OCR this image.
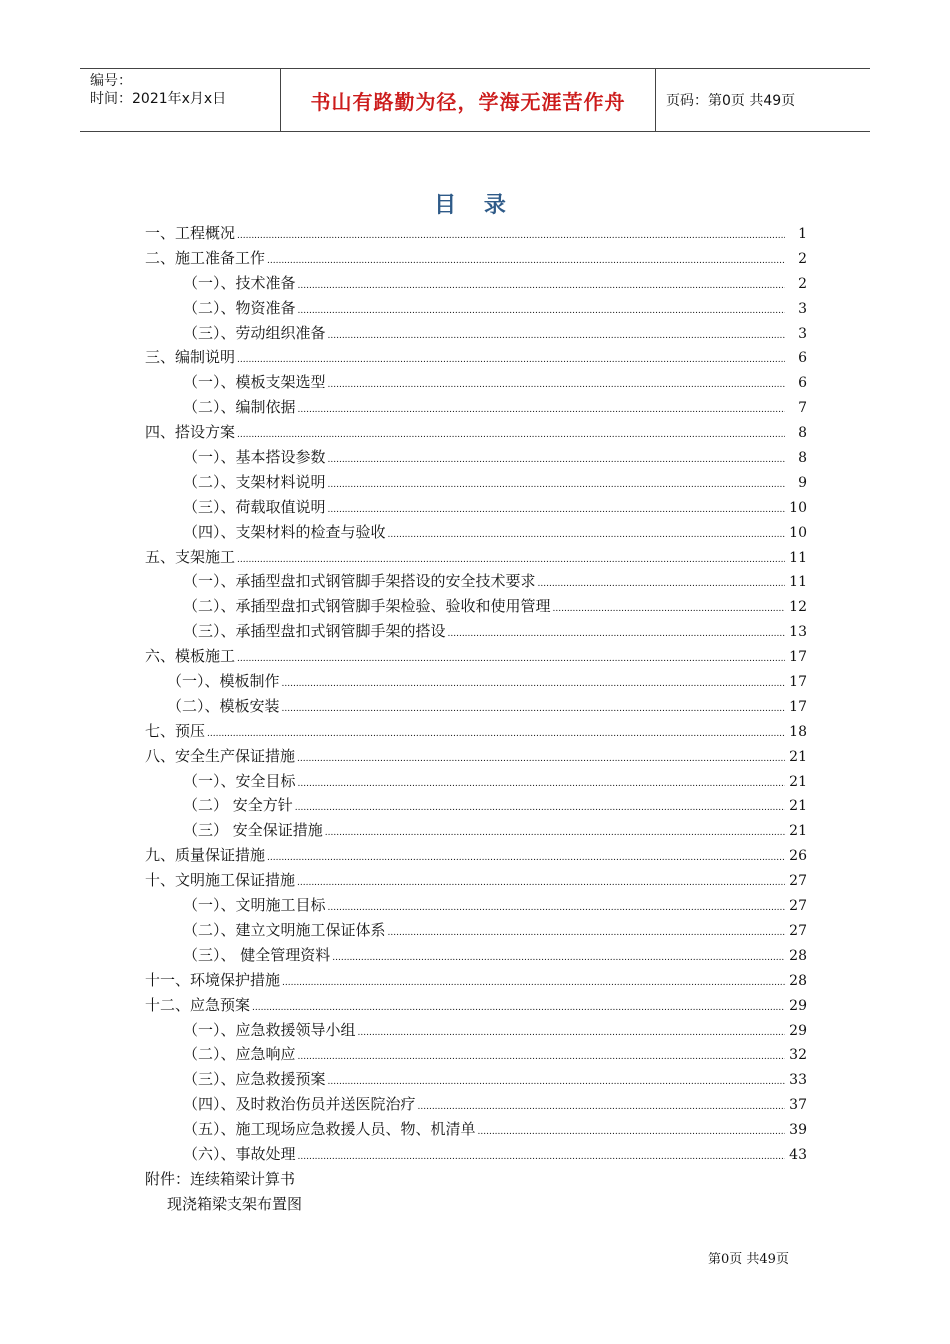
编号：
时间：2021年x月x日	书山有路勤为径，学海无涯苦作舟	页码：第0页 共49页
目 录
一、工程概况 .....	1
二、施工准备工作 .....	2
（一）、技术准备 .....	2
（二）、物资准备 .....	3
（三）、劳动组织准备 .....	3
三、编制说明 .....	6
（一）、模板支架选型 .....	6
（二）、编制依据 .....	7
四、搭设方案 .....	8
（一）、基本搭设参数 .....	8
（二）、支架材料说明 .....	9
（三）、荷载取值说明 .....	10
（四）、支架材料的检查与验收 .....	10
五、支架施工 .....	11
（一）、承插型盘扣式钢管脚手架搭设的安全技术要求 .....	11
（二）、承插型盘扣式钢管脚手架检验、验收和使用管理 .....	12
（三）、承插型盘扣式钢管脚手架的搭设 .....	13
六、模板施工 .....	17
（一）、模板制作 .....	17
（二）、模板安装 .....	17
七、预压 .....	18
八、安全生产保证措施 .....	21
（一）、安全目标 .....	21
（二） 安全方针 .....	21
（三） 安全保证措施 .....	21
九、质量保证措施 .....	26
十、文明施工保证措施 .....	27
（一）、文明施工目标 .....	27
（二）、建立文明施工保证体系 .....	27
（三）、 健全管理资料 .....	28
十一、环境保护措施 .....	28
十二、应急预案 .....	29
（一）、应急救援领导小组 .....	29
（二）、应急响应 .....	32
（三）、应急救援预案 .....	33
（四）、及时救治伤员并送医院治疗 .....	37
（五）、施工现场应急救援人员、物、机清单 .....	39
（六）、事故处理 .....	43
附件：连续箱梁计算书
现浇箱梁支架布置图
第0页 共49页
